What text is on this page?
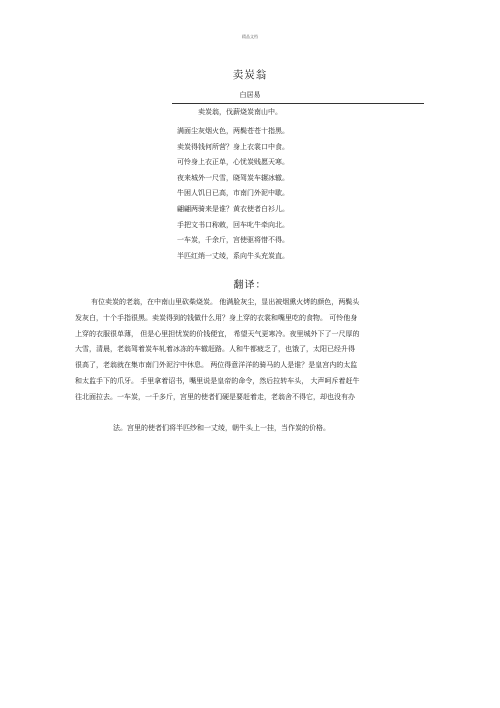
精品文档
卖炭翁
白居易
卖炭翁，伐薪烧炭南山中。
满面尘灰烟火色，两鬓苍苍十指黑。
卖炭得钱何所营？身上衣裳口中食。
可怜身上衣正单，心忧炭贱愿天寒。
夜来城外一尺雪，晓驾炭车辗冰辙。
牛困人饥日已高，市南门外泥中歇。
翩翩两骑来是谁？黄衣使者白衫儿。
手把文书口称敕，回车叱牛牵向北。
一车炭，千余斤，宫使驱将惜不得。
半匹红绡一丈绫，系向牛头充炭直。
翻译：
有位卖炭的老翁，在中南山里砍柴烧炭。 他满脸灰尘，显出被烟熏火烤的颜色，两鬓头
发灰白，十个手指很黑。卖炭得到的钱做什么用？身上穿的衣裳和嘴里吃的食物。 可怜他身
上穿的衣服很单薄， 但是心里担忧炭的价钱便宜， 希望天气更寒冷。夜里城外下了一尺厚的
大雪，清晨，老翁驾着炭车轧着冰冻的车辙赶路。人和牛都疲乏了，也饿了，太阳已经升得
很高了，老翁就在集市南门外泥泞中休息。 两位得意洋洋的骑马的人是谁？是皇宫内的太监
和太监手下的爪牙。 手里拿着诏书，嘴里说是皇帝的命令，然后拉转车头， 大声呵斥着赶牛
往北面拉去。一车炭，一千多斤，宫里的使者们硬是要赶着走，老翁舍不得它，却也没有办
法。宫里的使者们将半匹纱和一丈绫，朝牛头上一挂，当作炭的价格。
